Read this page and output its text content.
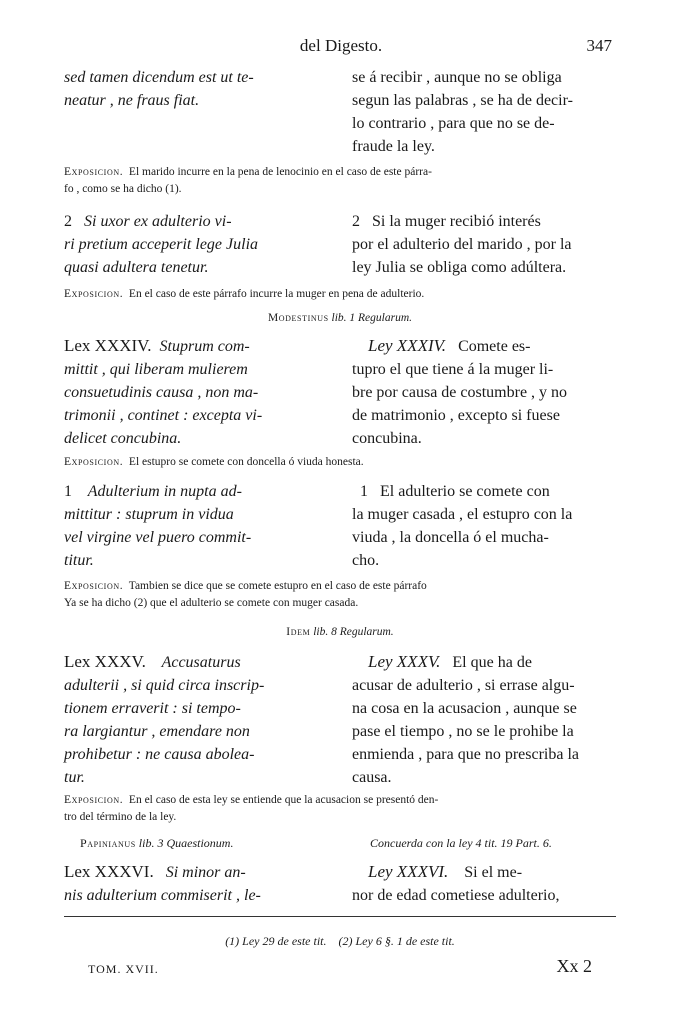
del Digesto.	347
sed tamen dicendum est ut te-
neatur , ne fraus fiat.
se á recibir , aunque no se obliga
segun las palabras , se ha de decir-
lo contrario , para que no se de-
fraude la ley.
Exposicion. El marido incurre en la pena de lenocinio en el caso de este párra-
fo , como se ha dicho (1).
2 Si uxor ex adulterio vi-
ri pretium acceperit lege Julia
quasi adultera tenetur.
2 Si la muger recibió interés
por el adulterio del marido , por la
ley Julia se obliga como adúltera.
Exposicion. En el caso de este párrafo incurre la muger en pena de adulterio.
Modestinus lib. 1 Regularum.
Lex XXXIV. Stuprum com-
mittit , qui liberam mulierem
consuetudinis causa , non ma-
trimonii , continet : excepta vi-
delicet concubina.
Ley XXXIV. Comete es-
tupro el que tiene á la muger li-
bre por causa de costumbre , y no
de matrimonio , excepto si fuese
concubina.
Exposicion. El estupro se comete con doncella ó viuda honesta.
1 Adulterium in nupta ad-
mittitur : stuprum in vidua
vel virgine vel puero commit-
titur.
1 El adulterio se comete con
la muger casada , el estupro con la
viuda , la doncella ó el mucha-
cho.
Exposicion. Tambien se dice que se comete estupro en el caso de este párrafo
Ya se ha dicho (2) que el adulterio se comete con muger casada.
Idem lib. 8 Regularum.
Lex XXXV. Accusaturus
adulterii , si quid circa inscrip-
tionem erraverit : si tempo-
ra largiantur , emendare non
prohibetur : ne causa abolea-
tur.
Ley XXXV. El que ha de
acusar de adulterio , si errase algu-
na cosa en la acusacion , aunque se
pase el tiempo , no se le prohibe la
enmienda , para que no prescriba la
causa.
Exposicion. En el caso de esta ley se entiende que la acusacion se presentó den-
tro del término de la ley.
Papinianus lib. 3 Quaestionum.	Concuerda con la ley 4 tit. 19 Part. 6.
Lex XXXVI. Si minor an-
nis adulterium commiserit , le-
Ley XXXVI. Si el me-
nor de edad cometiese adulterio,
(1) Ley 29 de este tit. (2) Ley 6 §. 1 de este tit.
TOM. XVII.	Xx 2
